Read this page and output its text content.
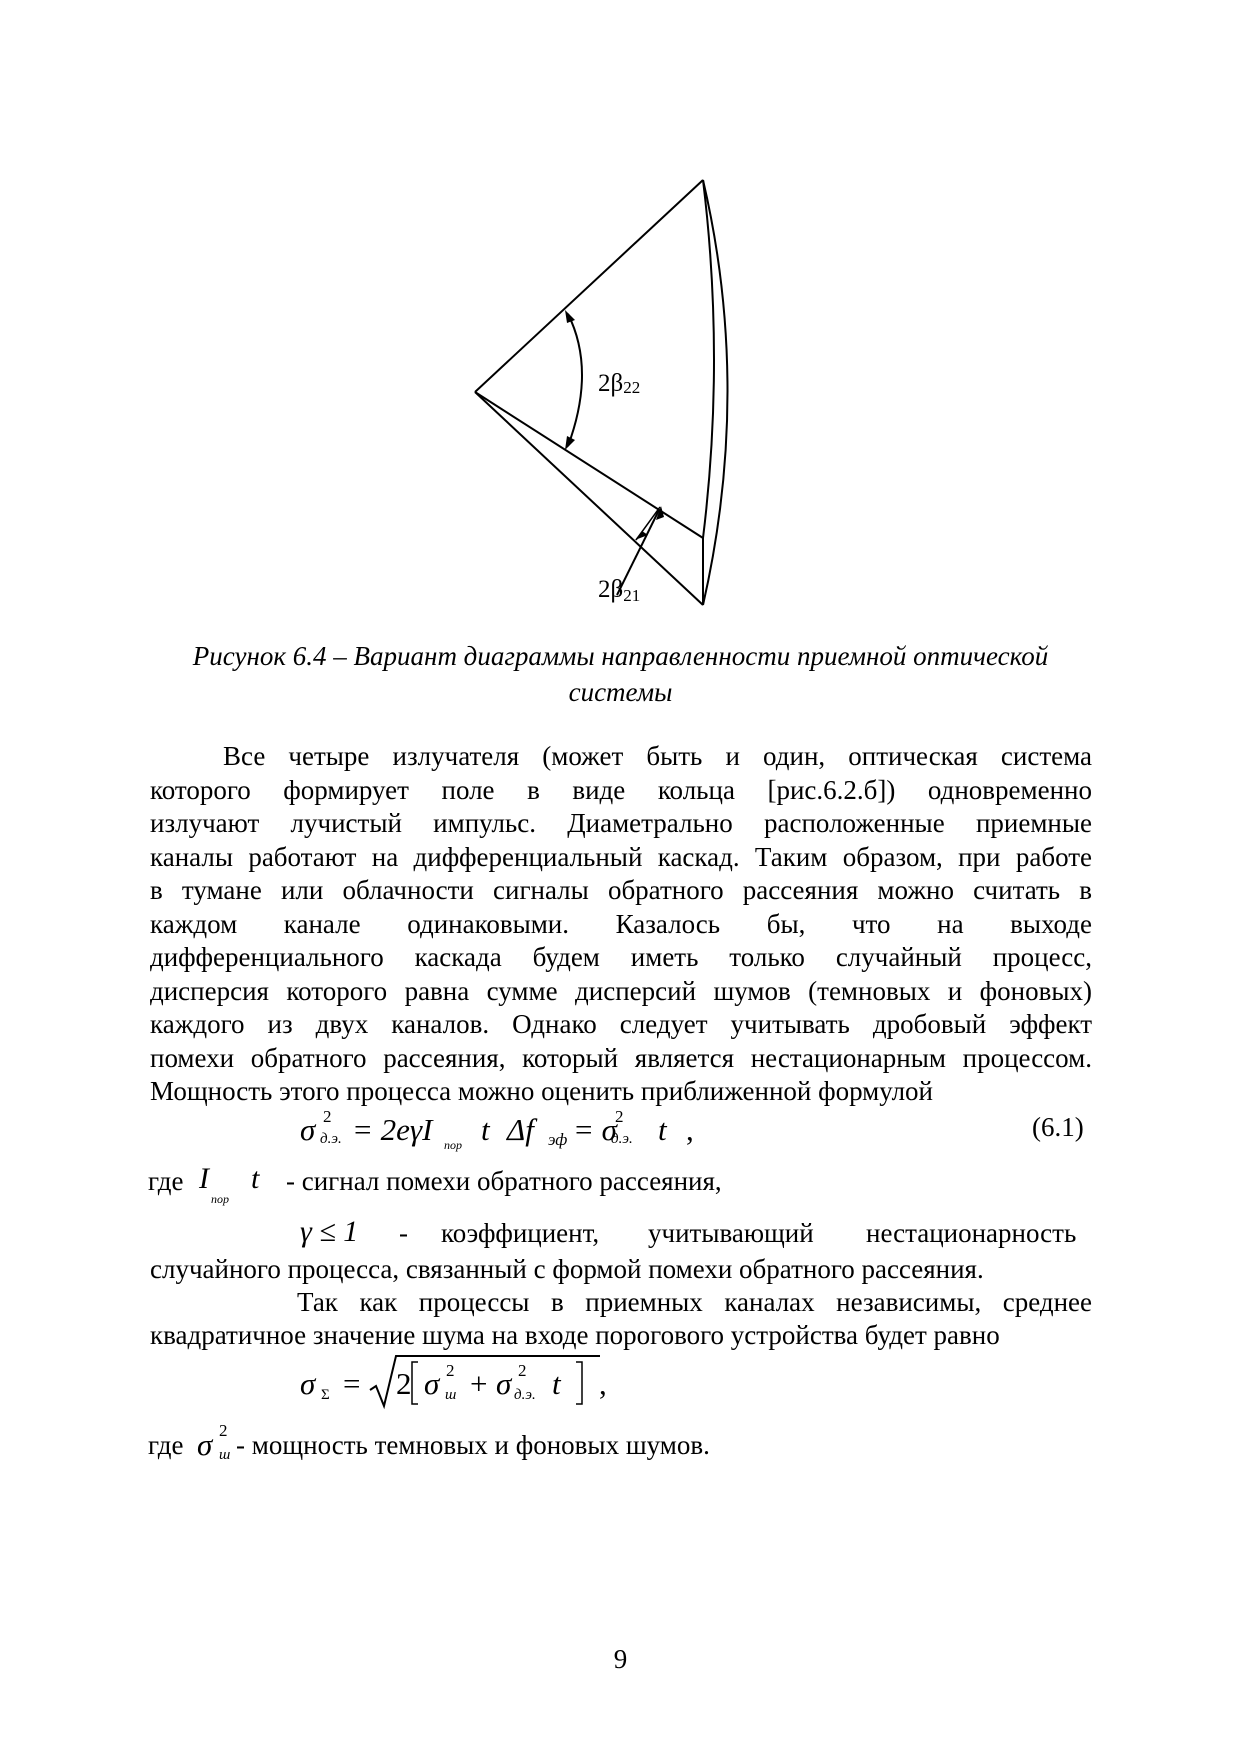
2β22
2β21
Рисунок 6.4 – Вариант диаграммы направленности приемной оптической
системы
Все четыре излучателя (может быть и один, оптическая система
которого формирует поле в виде кольца [рис.6.2.б]) одновременно
излучают лучистый импульс. Диаметрально расположенные приемные
каналы работают на дифференциальный каскад. Таким образом, при работе
в тумане или облачности сигналы обратного рассеяния можно считать в
каждом канале одинаковыми. Казалось бы, что на выходе
дифференциального каскада будем иметь только случайный процесс,
дисперсия которого равна сумме дисперсий шумов (темновых и фоновых)
каждого из двух каналов. Однако следует учитывать дробовый эффект
помехи обратного рассеяния, который является нестационарным процессом.
Мощность этого процесса можно оценить приближенной формулой
σ 2
д.э. = 2eγI пор t Δf эф = σ
2
д.э. t ,	(6.1)
где I
пор
t - сигнал помехи обратного рассеяния,
γ ≤ 1 - коэффициент, учитывающий нестационарность
случайного процесса, связанный с формой помехи обратного рассеяния.
Так как процессы в приемных каналах независимы, среднее
квадратичное значение шума на входе порогового устройства будет равно
σ Σ = 2 σ 2
ш + σ 2
д.э. t ,
где σ 2
ш - мощность темновых и фоновых шумов.
9
